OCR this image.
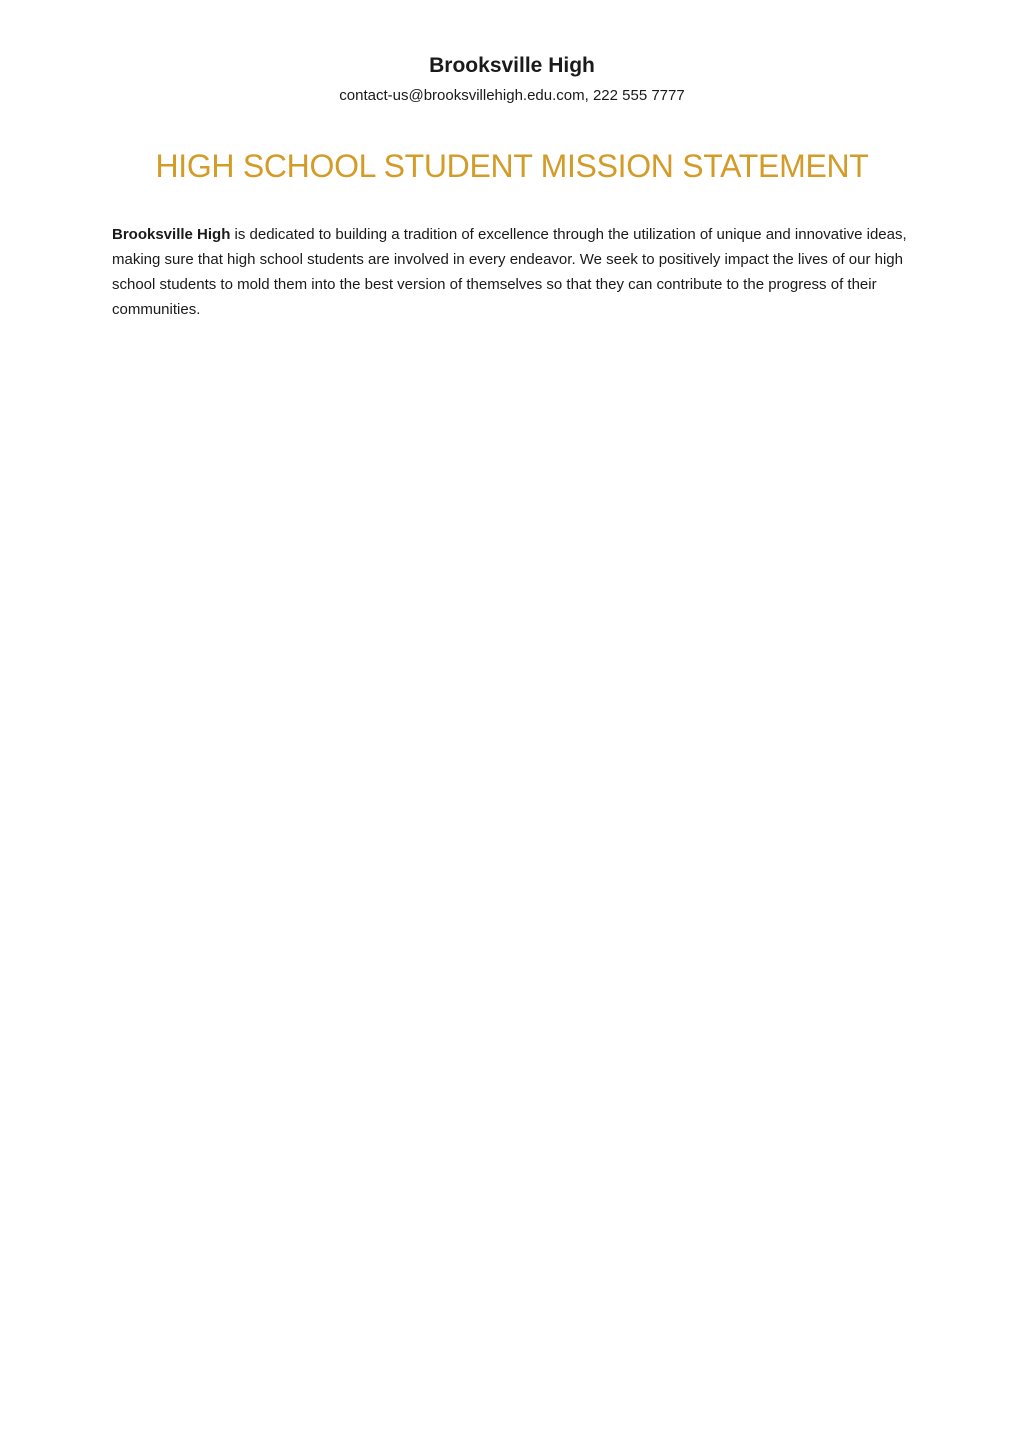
Brooksville High
contact-us@brooksvillehigh.edu.com, 222 555 7777
HIGH SCHOOL STUDENT MISSION STATEMENT

Brooksville High is dedicated to building a tradition of excellence through the utilization of unique and innovative ideas, making sure that high school students are involved in every endeavor. We seek to positively impact the lives of our high school students to mold them into the best version of themselves so that they can contribute to the progress of their communities.
